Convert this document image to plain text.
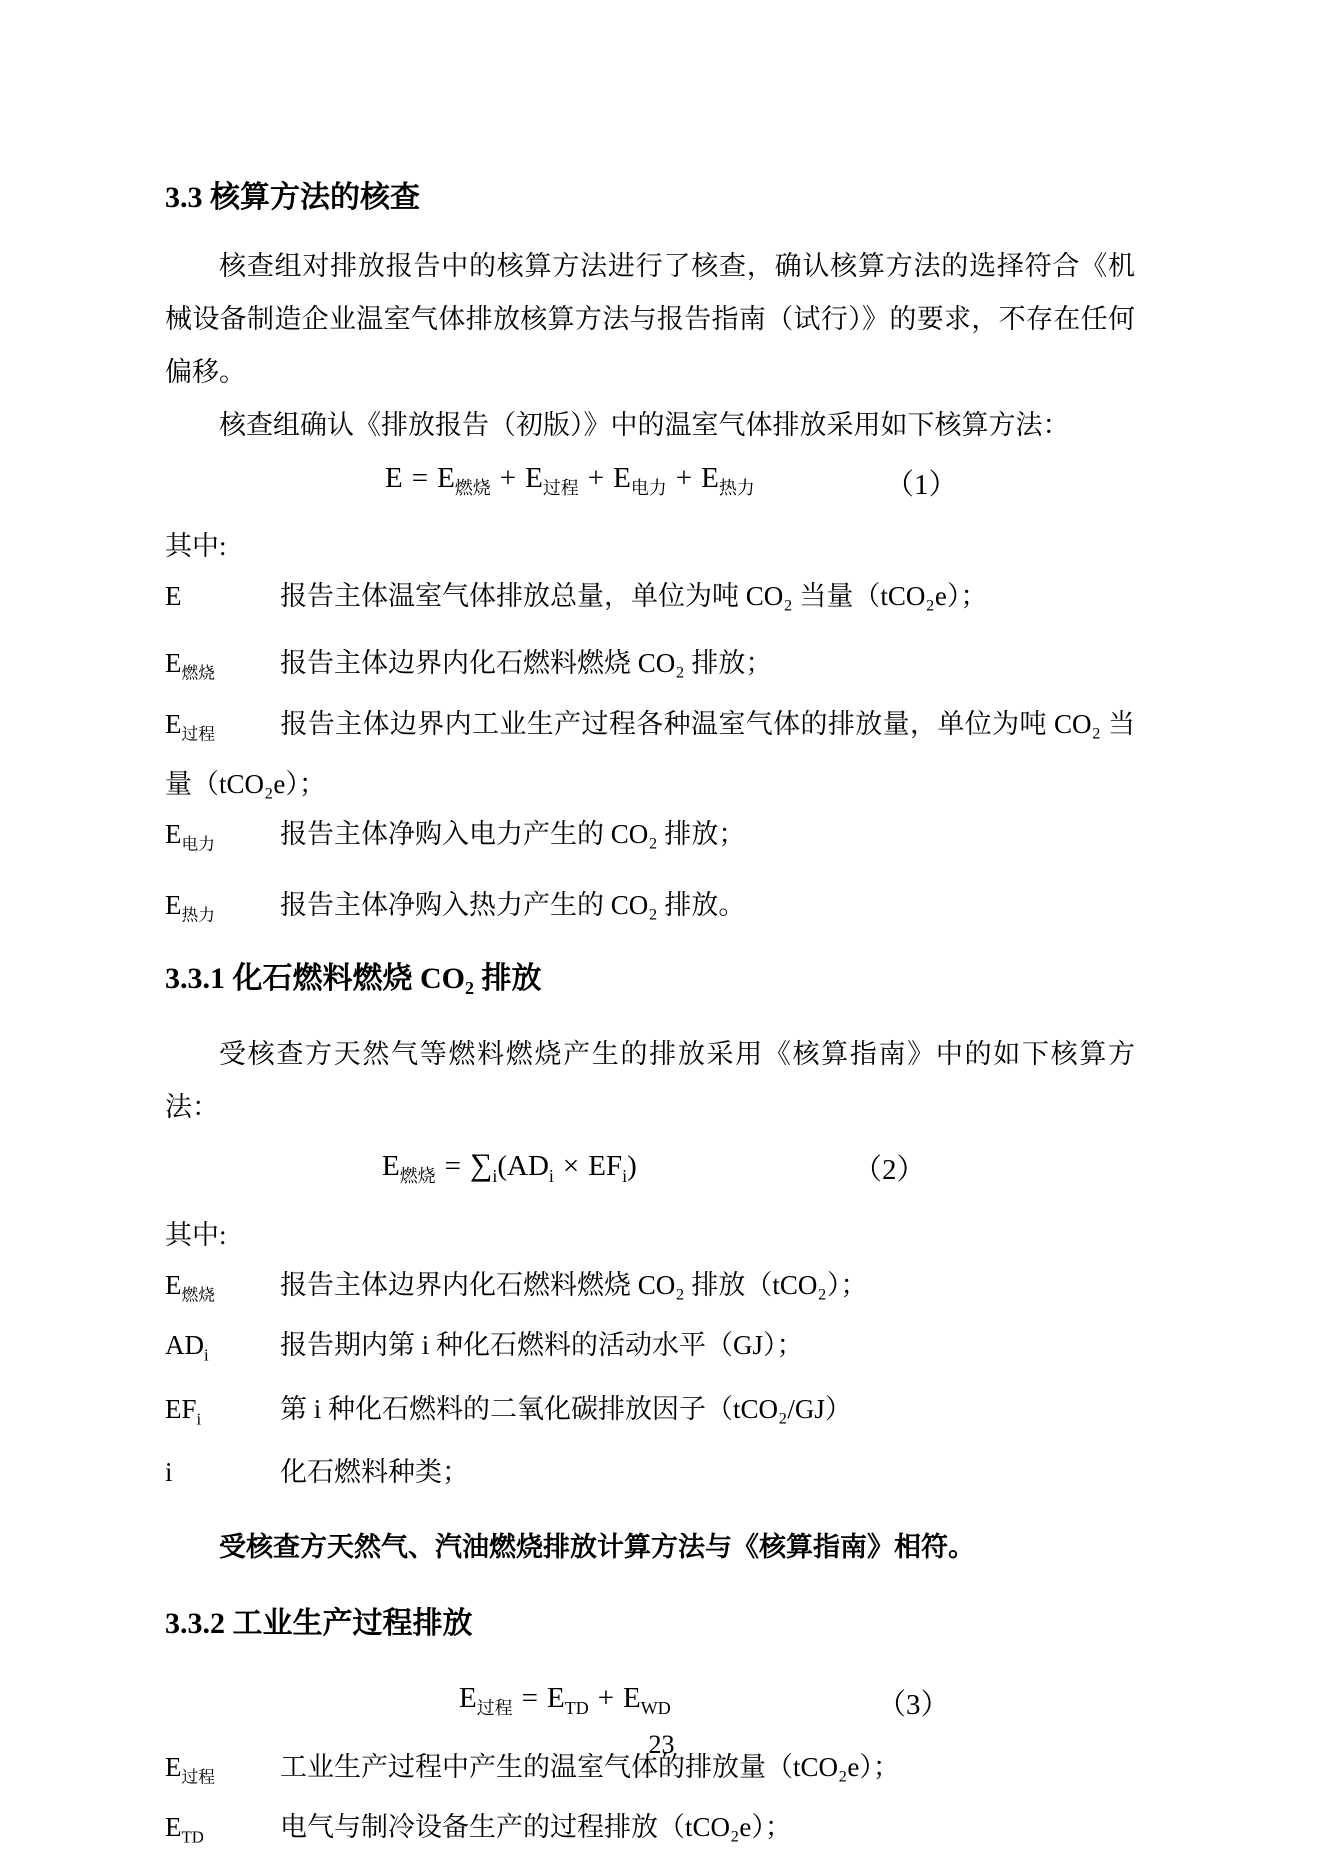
3.3 核算方法的核查

核查组对排放报告中的核算方法进行了核查，确认核算方法的选择符合《机械设备制造企业温室气体排放核算方法与报告指南（试行）》的要求，不存在任何偏移。

核查组确认《排放报告（初版）》中的温室气体排放采用如下核算方法：

$E = E_{燃烧} + E_{过程} + E_{电力} + E_{热力}$	（1）
其中:
E	报告主体温室气体排放总量，单位为吨 CO₂ 当量（tCO₂e）；
$E_{燃烧}$ 报告主体边界内化石燃料燃烧 CO₂ 排放；
$E_{过程}$ 报告主体边界内工业生产过程各种温室气体的排放量，单位为吨 CO₂ 当量（tCO₂e）；
$E_{电力}$ 报告主体净购入电力产生的 CO₂ 排放；
$E_{热力}$ 报告主体净购入热力产生的 CO₂ 排放。
3.3.1 化石燃料燃烧 CO₂ 排放

受核查方天然气等燃料燃烧产生的排放采用《核算指南》中的如下核算方法：

$E_{燃烧} = \sum_i(AD_i \times EF_i)$	（2）
其中:
$E_{燃烧}$ 报告主体边界内化石燃料燃烧 CO₂ 排放（tCO₂）；
$AD_i$	报告期内第 i 种化石燃料的活动水平（GJ）；
$EF_i$	第 i 种化石燃料的二氧化碳排放因子（tCO₂/GJ）
i	化石燃料种类；

受核查方天然气、汽油燃烧排放计算方法与《核算指南》相符。

3.3.2 工业生产过程排放
$E_{过程} = E_{TD} + E_{WD}$	（3）
$E_{过程}$ 工业生产过程中产生的温室气体的排放量（tCO₂e）；
$E_{TD}$	电气与制冷设备生产的过程排放（tCO₂e）；
23
